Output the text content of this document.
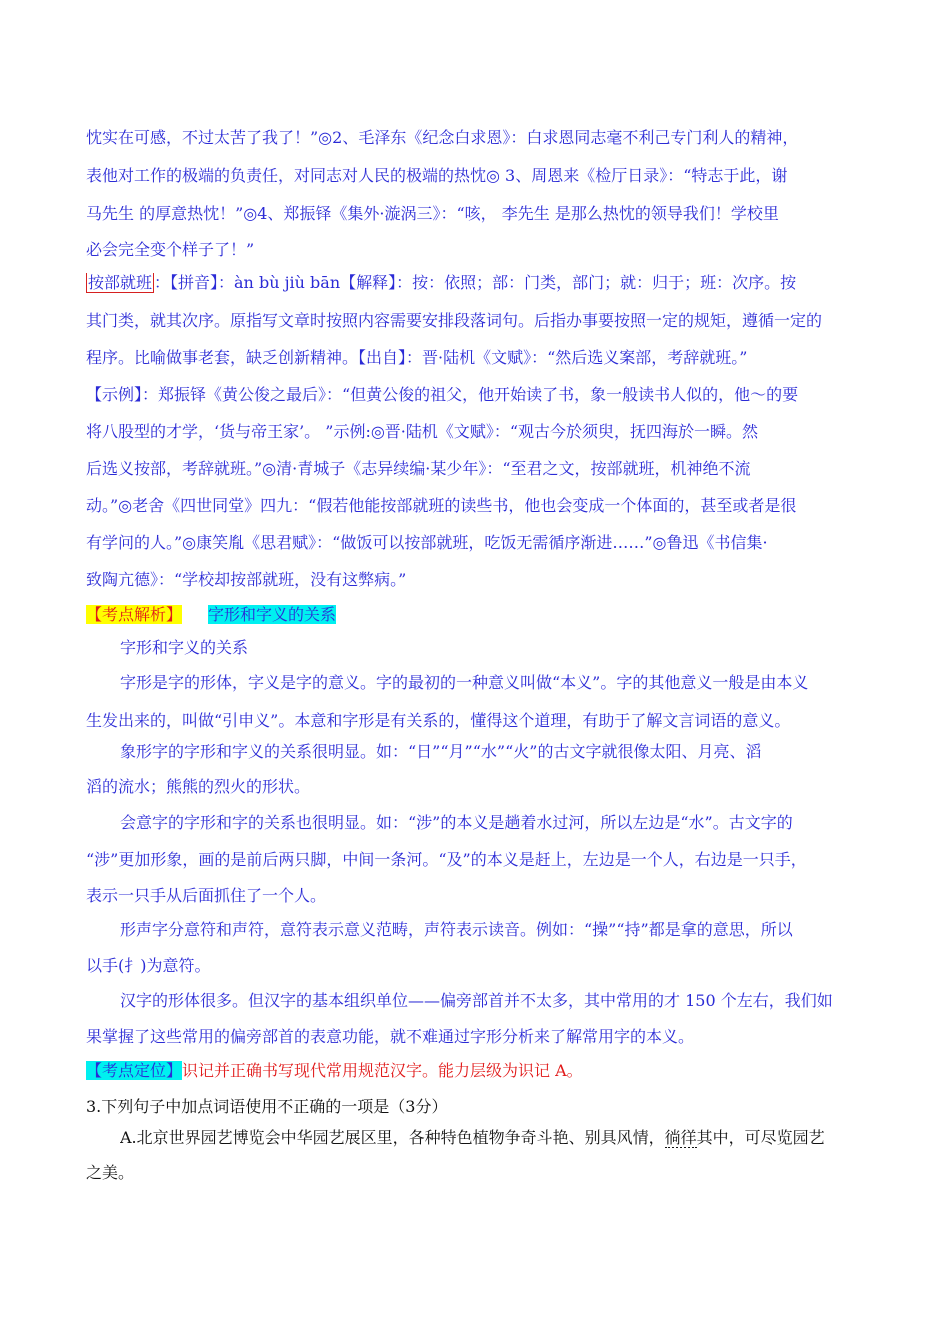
忱实在可感，不过太苦了我了！”◎2、毛泽东《纪念白求恩》：白求恩同志毫不利己专门利人的精神，
表他对工作的极端的负责任，对同志对人民的极端的热忱◎ 3、周恩来《检厅日录》：“特志于此，谢
马先生 的厚意热忱！”◎4、郑振铎《集外·漩涡三》：“咳， 李先生 是那么热忱的领导我们！学校里
必会完全变个样子了！”
按部就班 ：【拼音】：àn bù jiù bān【解释】：按：依照；部：门类，部门；就：归于；班：次序。按
其门类，就其次序。原指写文章时按照内容需要安排段落词句。后指办事要按照一定的规矩，遵循一定的
程序。比喻做事老套，缺乏创新精神。【出自】：晋·陆机《文赋》：“然后选义案部，考辞就班。”
【示例】：郑振铎《黄公俊之最后》：“但黄公俊的祖父，他开始读了书，象一般读书人似的，他～的要
将八股型的才学，‘货与帝王家’。 ”示例:◎晋·陆机《文赋》：“观古今於须臾，抚四海於一瞬。然
后选义按部，考辞就班。”◎清·青城子《志异续编·某少年》：“至君之文，按部就班，机神绝不流
动。”◎老舍《四世同堂》四九：“假若他能按部就班的读些书，他也会变成一个体面的，甚至或者是很
有学问的人。”◎康笑胤《思君赋》：“做饭可以按部就班，吃饭无需循序渐进……”◎鲁迅《书信集·
致陶亢德》：“学校却按部就班，没有这弊病。”
【考点解析】 字形和字义的关系
字形和字义的关系
字形是字的形体，字义是字的意义。字的最初的一种意义叫做“本义”。字的其他意义一般是由本义
生发出来的，叫做“引申义”。本意和字形是有关系的，懂得这个道理，有助于了解文言词语的意义。
象形字的字形和字义的关系很明显。如：“日”“月”“水”“火”的古文字就很像太阳、月亮、滔
滔的流水；熊熊的烈火的形状。
会意字的字形和字的关系也很明显。如：“涉”的本义是趟着水过河，所以左边是“水”。古文字的
“涉”更加形象，画的是前后两只脚，中间一条河。“及”的本义是赶上，左边是一个人，右边是一只手，
表示一只手从后面抓住了一个人。
形声字分意符和声符，意符表示意义范畴，声符表示读音。例如：“操”“持”都是拿的意思，所以
以手(扌)为意符。
汉字的形体很多。但汉字的基本组织单位——偏旁部首并不太多，其中常用的才 150 个左右，我们如
果掌握了这些常用的偏旁部首的表意功能，就不难通过字形分析来了解常用字的本义。
【考点定位】识记并正确书写现代常用规范汉字。能力层级为识记 A。
3.下列句子中加点词语使用不正确的一项是（3分）
A.北京世界园艺博览会中华园艺展区里，各种特色植物争奇斗艳、别具风情，徜徉其中，可尽览园艺
之美。
